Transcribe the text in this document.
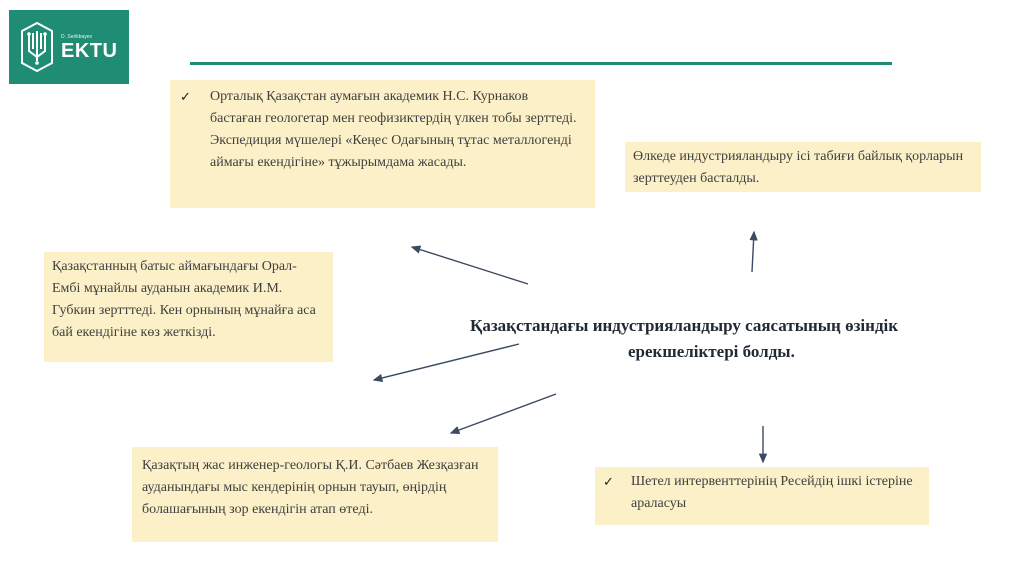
D. Serikbayev
EKTU
✓	Орталық Қазақстан аумағын академик Н.С. Курнаков бастаған геологетар мен геофизиктердің үлкен тобы зерттеді. Экспедиция мүшелері «Кеңес Одағының тұтас металлогенді аймағы екендігіне» тұжырымдама жасады.	Өлкеде индустрияландыру ісі табиғи байлық қорларын зерттеуден басталды.
Қазақстанның батыс аймағындағы Орал-Ембі мұнайлы ауданын академик И.М. Губкин зертттеді. Кен орнының мұнайға аса бай екендігіне көз жеткізді.
Қазақтың жас инженер-геологы Қ.И. Сәтбаев Жезқазған ауданындағы мыс кендерінің орнын тауып, өңірдің болашағының зор екендігін атап өтеді.
✓	Шетел интервенттерінің Ресейдің ішкі істеріне араласуы
Қазақстандағы индустрияландыру саясатының өзіндік
ерекшеліктері болды.
